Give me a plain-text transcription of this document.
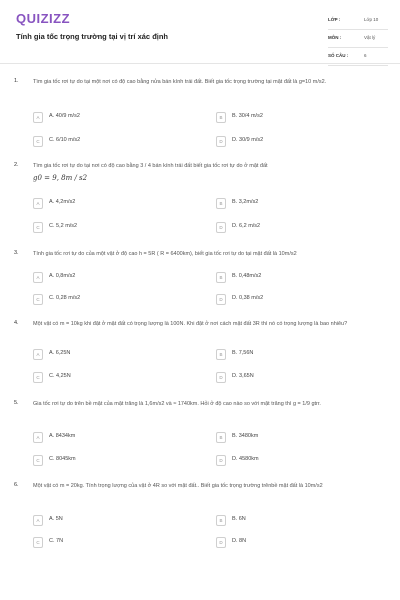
QUIZIZZ
Tính gia tốc trọng trường tại vị trí xác định
LỚP :	Lớp 10
MÔN :	Vật lý
SỐ CÂU :	6
1.	Tìm gia tốc rơi tự do tại một nơi có độ cao bằng nửa bán kính trái đất. Biết gia tốc trọng trường tại mặt đất là g=10 m/s2.
A	A. 40/9 m/s2	B	B. 30/4 m/s2
C	C. 6/10 m/s2	D	D. 30/9 m/s2
2.	Tìm gia tốc rơi tự do tại nơi có độ cao bằng 3 / 4 bán kính trái đất biết gia tốc rơi tự do ở mặt đất
g0 = 9, 8m / s2
A	A. 4,2m/s2	B	B. 3,2m/s2
C	C. 5,2 m/s2	D	D. 6,2 m/s2
3.	Tính gia tốc rơi tự do của một vật ở độ cao h = 5R ( R = 6400km), biết gia tốc rơi tự do tại mặt đất là 10m/s2
A	A. 0,8m/s2	B	B. 0,48m/s2
C	C. 0,28 m/s2	D	D. 0,38 m/s2
4.	Một vật có m = 10kg khi đặt ở mặt đất có trọng lượng là 100N. Khi đặt ở nơi cách mặt đất 3R thì nó có trọng lượng là bao nhiêu?
A	A. 6,25N	B	B. 7,56N
C	C. 4,25N	D	D. 3,65N
5.	Gia tốc rơi tự do trên bề mặt của mặt trăng là 1,6m/s2 và ≈ 1740km. Hỏi ở độ cao nào so với mặt trăng thì g = 1/9 gtrr.
A	A. 8434km	B	B. 3480km
C	C. 8045km	D	D. 4580km
6.	Một vật có m = 20kg. Tính trọng lượng của vật ở 4R so với mặt đất.. Biết gia tốc trọng trường trênbề mặt đất là 10m/s2
A	A. 5N	B	B. 6N
C	C. 7N	D	D. 8N
